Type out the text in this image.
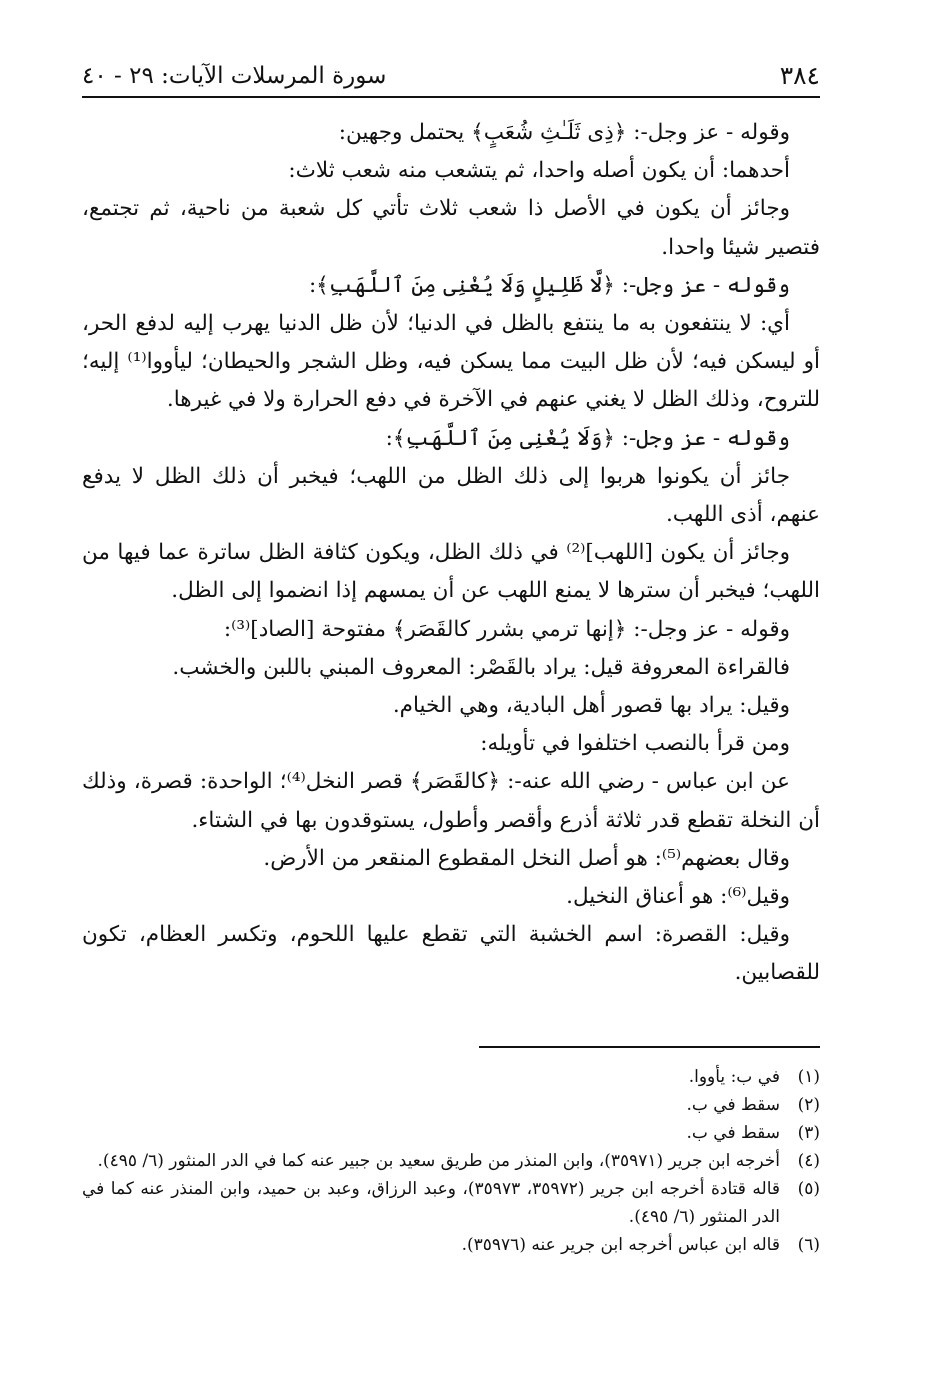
٣٨٤
سورة المرسلات الآيات: ٢٩ - ٤٠

وقوله - عز وجل-: ﴿ذِى ثَلَـٰثِ شُعَبٍ﴾ يحتمل وجهين:

أحدهما: أن يكون أصله واحدا، ثم يتشعب منه شعب ثلاث:

وجائز أن يكون في الأصل ذا شعب ثلاث تأتي كل شعبة من ناحية، ثم تجتمع، فتصير شيئا واحدا.

وقوله - عز وجل-: ﴿لَّا ظَلِيلٍ وَلَا يُغْنِى مِنَ ٱللَّهَبِ﴾:

أي: لا ينتفعون به ما ينتفع بالظل في الدنيا؛ لأن ظل الدنيا يهرب إليه لدفع الحر، أو ليسكن فيه؛ لأن ظل البيت مما يسكن فيه، وظل الشجر والحيطان؛ ليأووا⁽¹⁾ إليه؛ للتروح، وذلك الظل لا يغني عنهم في الآخرة في دفع الحرارة ولا في غيرها.

وقوله - عز وجل-: ﴿وَلَا يُغْنِى مِنَ ٱللَّهَبِ﴾:

جائز أن يكونوا هربوا إلى ذلك الظل من اللهب؛ فيخبر أن ذلك الظل لا يدفع عنهم، أذى اللهب.

وجائز أن يكون [اللهب]⁽²⁾ في ذلك الظل، ويكون كثافة الظل ساترة عما فيها من اللهب؛ فيخبر أن سترها لا يمنع اللهب عن أن يمسهم إذا انضموا إلى الظل.

وقوله - عز وجل-: ﴿إنها ترمي بشرر كالقَصَر﴾ مفتوحة [الصاد]⁽³⁾:

فالقراءة المعروفة قيل: يراد بالقَصْر: المعروف المبني باللبن والخشب.

وقيل: يراد بها قصور أهل البادية، وهي الخيام.

ومن قرأ بالنصب اختلفوا في تأويله:

عن ابن عباس - رضي الله عنه-: ﴿كالقَصَر﴾ قصر النخل⁽⁴⁾؛ الواحدة: قصرة، وذلك أن النخلة تقطع قدر ثلاثة أذرع وأقصر وأطول، يستوقدون بها في الشتاء.

وقال بعضهم⁽⁵⁾: هو أصل النخل المقطوع المنقعر من الأرض.

وقيل⁽⁶⁾: هو أعناق النخيل.

وقيل: القصرة: اسم الخشبة التي تقطع عليها اللحوم، وتكسر العظام، تكون للقصابين.

(١)
في ب: يأووا.
(٢)
سقط في ب.
(٣)
سقط في ب.
(٤)
أخرجه ابن جرير (٣٥٩٧١)، وابن المنذر من طريق سعيد بن جبير عنه كما في الدر المنثور (٦/ ٤٩٥).
(٥)
قاله قتادة أخرجه ابن جرير (٣٥٩٧٢، ٣٥٩٧٣)، وعبد الرزاق، وعبد بن حميد، وابن المنذر عنه كما في الدر المنثور (٦/ ٤٩٥).
(٦)
قاله ابن عباس أخرجه ابن جرير عنه (٣٥٩٧٦).
